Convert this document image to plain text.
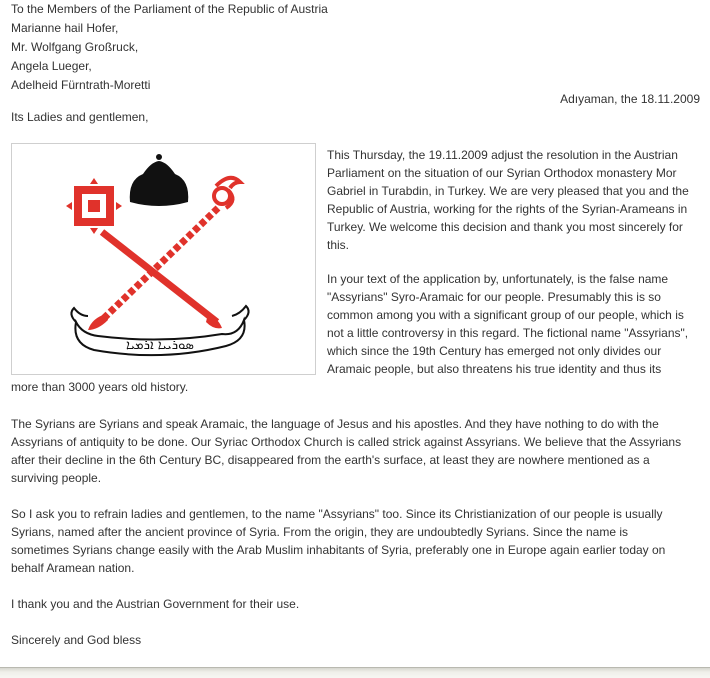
To the Members of the Parliament of the Republic of Austria
Marianne hail Hofer,
Mr. Wolfgang Großruck,
Angela Lueger,
Adelheid Fürntrath-Moretti
Adıyaman, the 18.11.2009
Its Ladies and gentlemen,
ܣܘܪܝܝܐ ܐܪܡܝܐ
This Thursday, the 19.11.2009 adjust the resolution in the Austrian
Parliament on the situation of our Syrian Orthodox monastery Mor
Gabriel in Turabdin, in Turkey. We are very pleased that you and the
Republic of Austria, working for the rights of the Syrian-Arameans in
Turkey. We welcome this decision and thank you most sincerely for
this.
In your text of the application by, unfortunately, is the false name
"Assyrians" Syro-Aramaic for our people. Presumably this is so
common among you with a significant group of our people, which is
not a little controversy in this regard. The fictional name "Assyrians",
which since the 19th Century has emerged not only divides our
Aramaic people, but also threatens his true identity and thus its
more than 3000 years old history.
The Syrians are Syrians and speak Aramaic, the language of Jesus and his apostles. And they have nothing to do with the
Assyrians of antiquity to be done. Our Syriac Orthodox Church is called strick against Assyrians. We believe that the Assyrians
after their decline in the 6th Century BC, disappeared from the earth's surface, at least they are nowhere mentioned as a
surviving people.
So I ask you to refrain ladies and gentlemen, to the name "Assyrians" too. Since its Christianization of our people is usually
Syrians, named after the ancient province of Syria. From the origin, they are undoubtedly Syrians. Since the name is
sometimes Syrians change easily with the Arab Muslim inhabitants of Syria, preferably one in Europe again earlier today on
behalf Aramean nation.
I thank you and the Austrian Government for their use.
Sincerely and God bless
